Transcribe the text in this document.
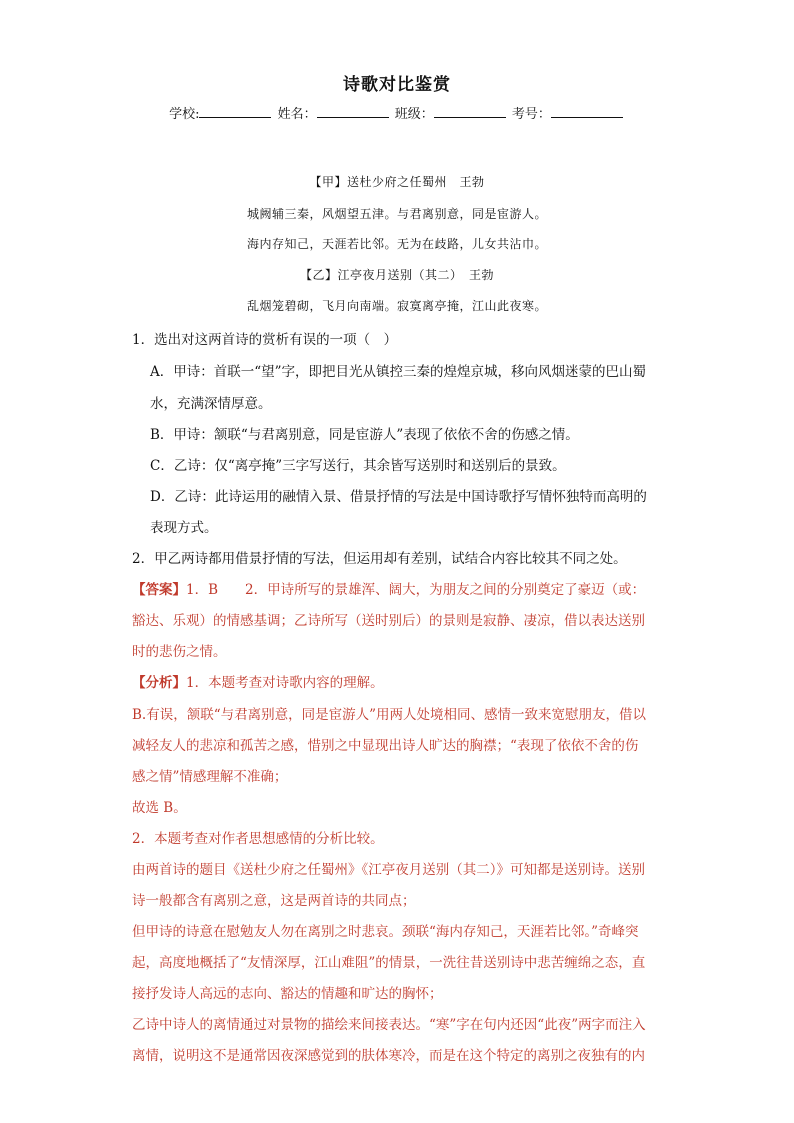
诗歌对比鉴赏
学校:	姓名：	班级：	考号：
【甲】送杜少府之任蜀州　王勃
城阙辅三秦，风烟望五津。与君离别意，同是宦游人。
海内存知己，天涯若比邻。无为在歧路，儿女共沾巾。
【乙】江亭夜月送别（其二）　王勃
乱烟笼碧砌，飞月向南端。寂寞离亭掩，江山此夜寒。
1．选出对这两首诗的赏析有误的一项（　）
A．甲诗：首联一“望”字，即把目光从镇控三秦的煌煌京城，移向风烟迷蒙的巴山蜀
水，充满深情厚意。
B．甲诗：颔联“与君离别意，同是宦游人”表现了依依不舍的伤感之情。
C．乙诗：仅“离亭掩”三字写送行，其余皆写送别时和送别后的景致。
D．乙诗：此诗运用的融情入景、借景抒情的写法是中国诗歌抒写情怀独特而高明的
表现方式。
2．甲乙两诗都用借景抒情的写法，但运用却有差别，试结合内容比较其不同之处。
【答案】1．B　　2．甲诗所写的景雄浑、阔大，为朋友之间的分别奠定了豪迈（或：
豁达、乐观）的情感基调；乙诗所写（送时别后）的景则是寂静、凄凉，借以表达送别
时的悲伤之情。
【分析】1．本题考查对诗歌内容的理解。
B.有误，颔联“与君离别意，同是宦游人”用两人处境相同、感情一致来宽慰朋友，借以
减轻友人的悲凉和孤苦之感，惜别之中显现出诗人旷达的胸襟；“表现了依依不舍的伤
感之情”情感理解不准确；
故选 B。
2．本题考查对作者思想感情的分析比较。
由两首诗的题目《送杜少府之任蜀州》《江亭夜月送别（其二）》可知都是送别诗。送别
诗一般都含有离别之意，这是两首诗的共同点；
但甲诗的诗意在慰勉友人勿在离别之时悲哀。颈联“海内存知己，天涯若比邻。”奇峰突
起，高度地概括了“友情深厚，江山难阻”的情景，一洗往昔送别诗中悲苦缠绵之态，直
接抒发诗人高远的志向、豁达的情趣和旷达的胸怀；
乙诗中诗人的离情通过对景物的描绘来间接表达。“寒”字在句内还因“此夜”两字而注入
离情，说明这不是通常因夜深感觉到的肤体寒冷，而是在这个特定的离别之夜独有的内
